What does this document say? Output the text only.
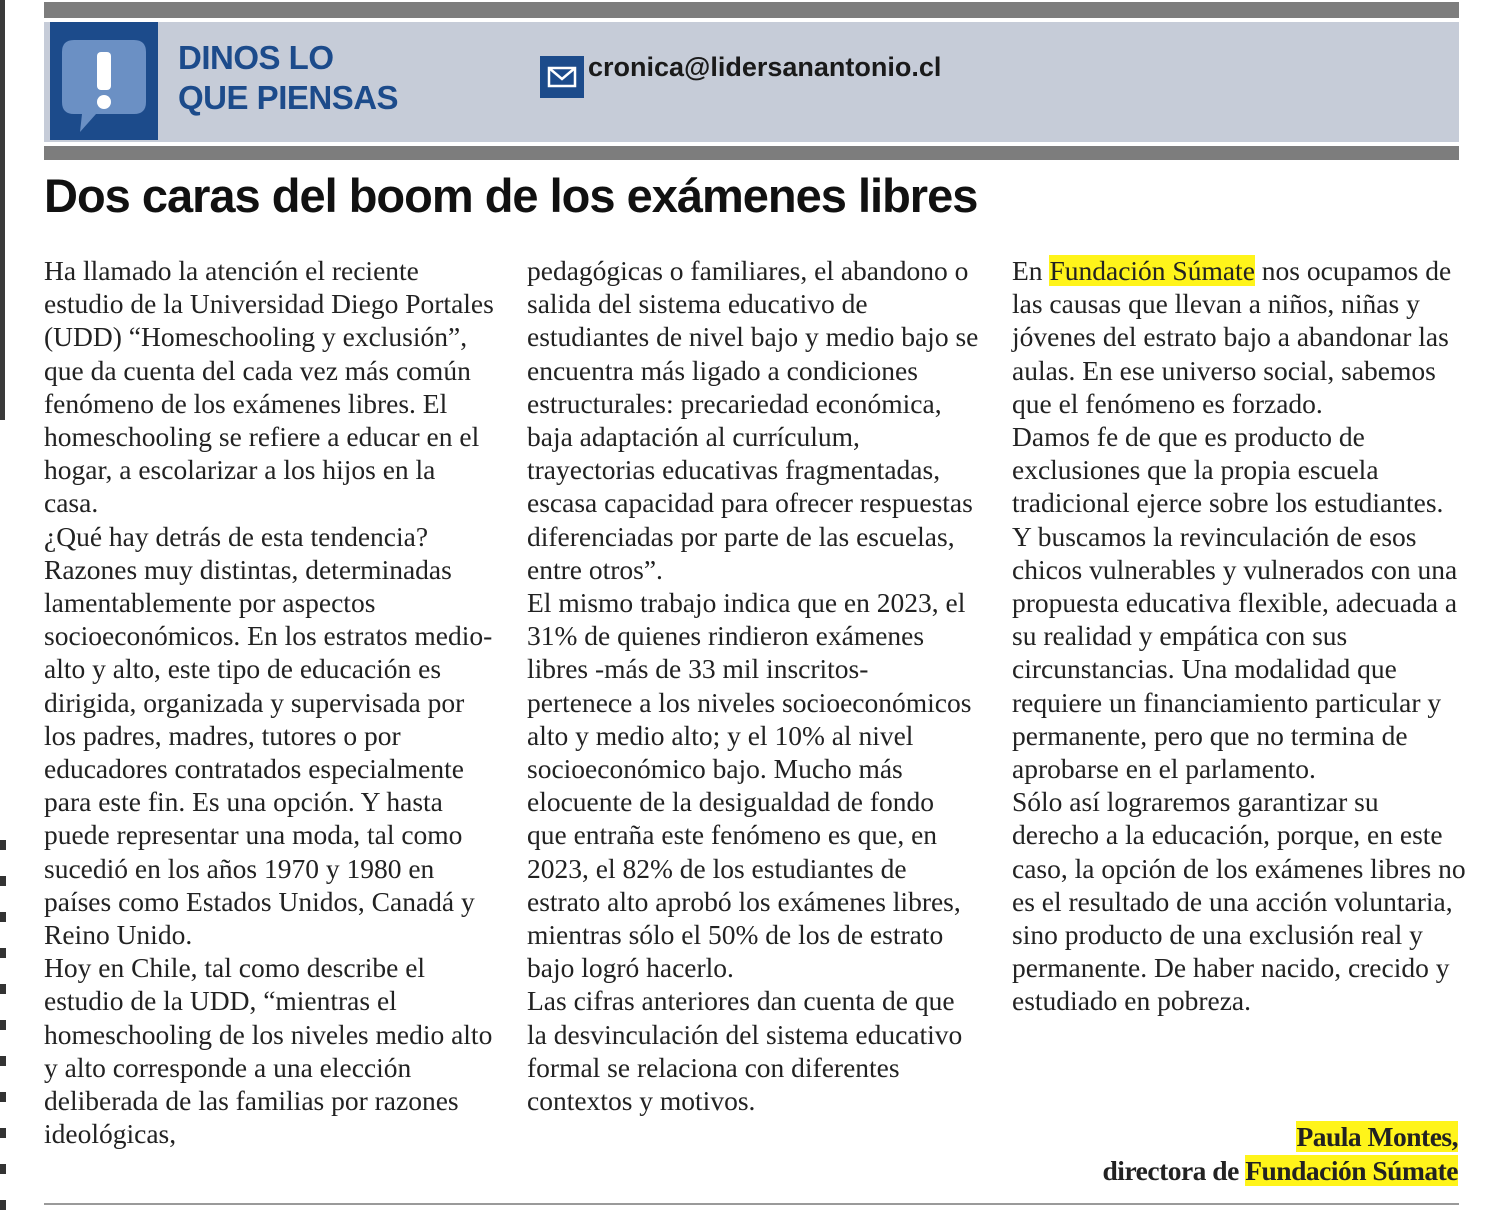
DINOS LO
QUE PIENSAS
cronica@lidersanantonio.cl
Dos caras del boom de los exámenes libres

Ha llamado la atención el reciente estudio de la Universidad Diego Portales (UDD) “Homeschooling y exclusión”, que da cuenta del cada vez más común fenómeno de los exámenes libres. El homeschooling se refiere a educar en el hogar, a escolarizar a los hijos en la casa.

¿Qué hay detrás de esta tendencia? Razones muy distintas, determinadas lamentablemente por aspectos socioeconómicos. En los estratos medio-alto y alto, este tipo de educación es dirigida, organizada y supervisada por los padres, madres, tutores o por educadores contratados especialmente para este fin. Es una opción. Y hasta puede representar una moda, tal como sucedió en los años 1970 y 1980 en países como Estados Unidos, Canadá y Reino Unido.

Hoy en Chile, tal como describe el estudio de la UDD, “mientras el homeschooling de los niveles medio alto y alto corresponde a una elección deliberada de las familias por razones ideológicas,

pedagógicas o familiares, el abandono o salida del sistema educativo de estudiantes de nivel bajo y medio bajo se encuentra más ligado a condiciones estructurales: precariedad económica, baja adaptación al currículum, trayectorias educativas fragmentadas, escasa capacidad para ofrecer respuestas diferenciadas por parte de las escuelas, entre otros”.

El mismo trabajo indica que en 2023, el 31% de quienes rindieron exámenes libres -más de 33 mil inscritos- pertenece a los niveles socioeconómicos alto y medio alto; y el 10% al nivel socioeconómico bajo. Mucho más elocuente de la desigualdad de fondo que entraña este fenómeno es que, en 2023, el 82% de los estudiantes de estrato alto aprobó los exámenes libres, mientras sólo el 50% de los de estrato bajo logró hacerlo.

Las cifras anteriores dan cuenta de que la desvinculación del sistema educativo formal se relaciona con diferentes contextos y motivos.

En Fundación Súmate nos ocupamos de las causas que llevan a niños, niñas y jóvenes del estrato bajo a abandonar las aulas. En ese universo social, sabemos que el fenómeno es forzado.

Damos fe de que es producto de exclusiones que la propia escuela tradicional ejerce sobre los estudiantes. Y buscamos la revinculación de esos chicos vulnerables y vulnerados con una propuesta educativa flexible, adecuada a su realidad y empática con sus circunstancias. Una modalidad que requiere un financiamiento particular y permanente, pero que no termina de aprobarse en el parlamento.

Sólo así lograremos garantizar su derecho a la educación, porque, en este caso, la opción de los exámenes libres no es el resultado de una acción voluntaria, sino producto de una exclusión real y permanente. De haber nacido, crecido y estudiado en pobreza.

Paula Montes,
directora de Fundación Súmate
